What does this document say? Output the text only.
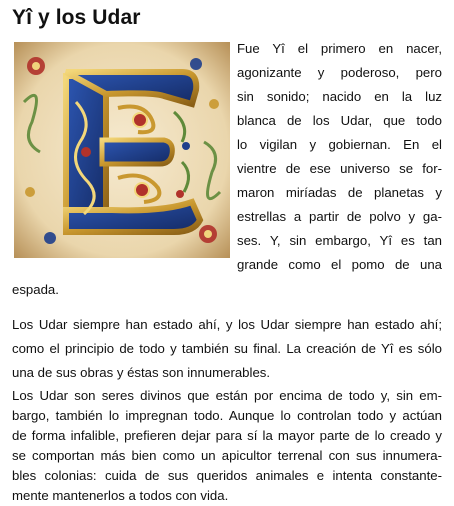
Yî y los Udar
Fue Yî el primero en nacer,
agonizante y poderoso, pero
sin sonido; nacido en la luz
blanca de los Udar, que todo
lo vigilan y gobiernan. En el
vientre de ese universo se for-
maron miríadas de planetas y
estrellas a partir de polvo y ga-
ses. Y, sin embargo, Yî es tan
grande como el pomo de una
espada.
Los Udar siempre han estado ahí, y los Udar siempre han estado ahí;
como el principio de todo y también su final. La creación de Yî es sólo
una de sus obras y éstas son innumerables.
Los Udar son seres divinos que están por encima de todo y, sin em-
bargo, también lo impregnan todo. Aunque lo controlan todo y actúan
de forma infalible, prefieren dejar para sí la mayor parte de lo creado y
se comportan más bien como un apicultor terrenal con sus innumera-
bles colonias: cuida de sus queridos animales e intenta constante-
mente mantenerlos a todos con vida.
